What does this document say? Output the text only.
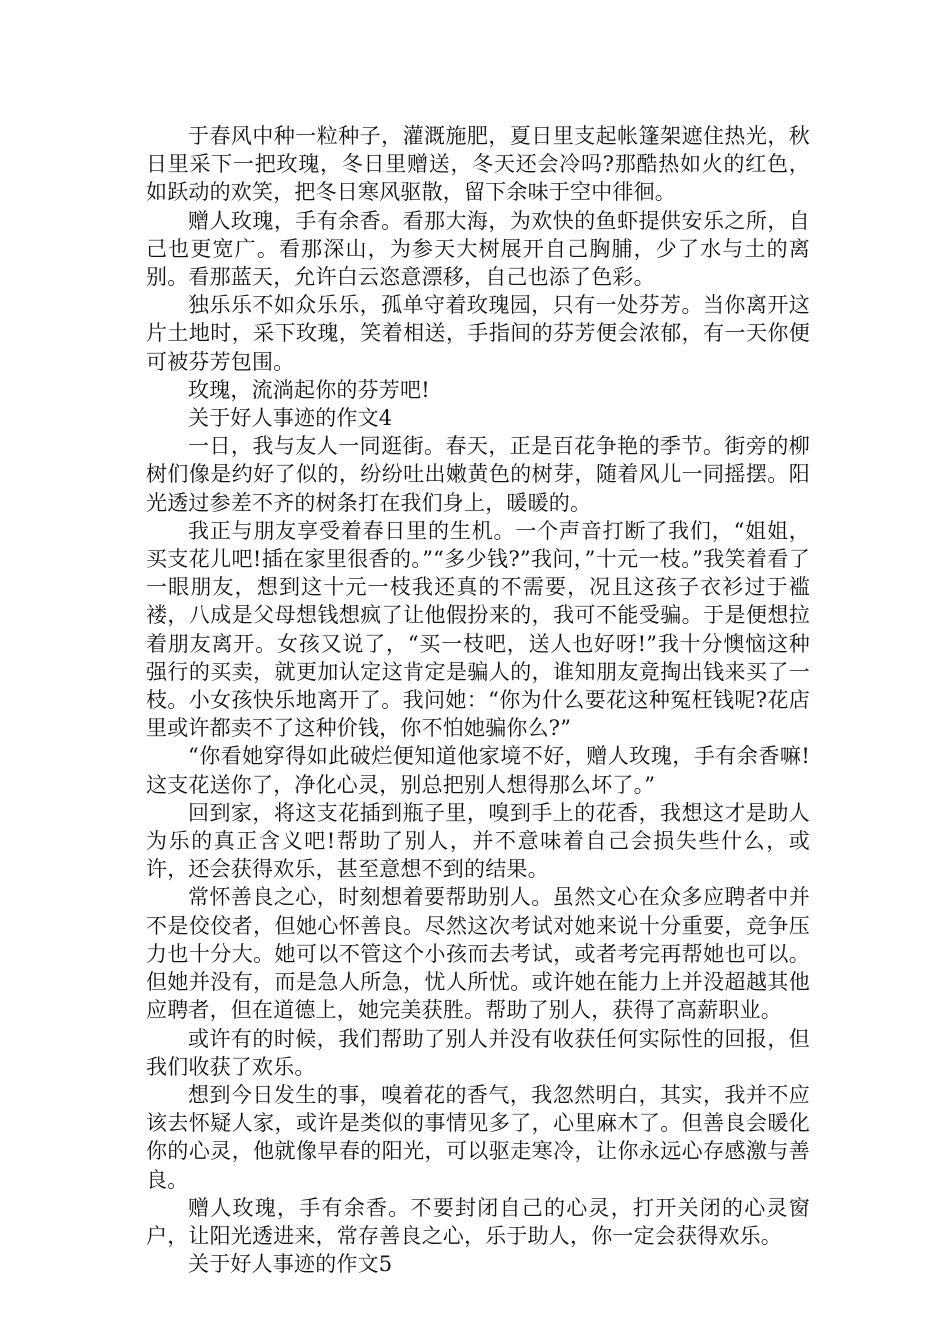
于春风中种一粒种子，灌溉施肥，夏日里支起帐篷架遮住热光，秋日里采下一把玫瑰，冬日里赠送，冬天还会冷吗?那酷热如火的红色，如跃动的欢笑，把冬日寒风驱散，留下余味于空中徘徊。

赠人玫瑰，手有余香。看那大海，为欢快的鱼虾提供安乐之所，自己也更宽广。看那深山，为参天大树展开自己胸脯，少了水与土的离别。看那蓝天，允许白云恣意漂移，自己也添了色彩。

独乐乐不如众乐乐，孤单守着玫瑰园，只有一处芬芳。当你离开这片土地时，采下玫瑰，笑着相送，手指间的芬芳便会浓郁，有一天你便可被芬芳包围。

玫瑰，流淌起你的芬芳吧!

关于好人事迹的作文4

一日，我与友人一同逛街。春天，正是百花争艳的季节。街旁的柳树们像是约好了似的，纷纷吐出嫩黄色的树芽，随着风儿一同摇摆。阳光透过参差不齐的树条打在我们身上，暖暖的。

我正与朋友享受着春日里的生机。一个声音打断了我们，“姐姐，买支花儿吧!插在家里很香的。”“多少钱?”我问，”十元一枝。”我笑着看了一眼朋友，想到这十元一枝我还真的不需要，况且这孩子衣衫过于褴褛，八成是父母想钱想疯了让他假扮来的，我可不能受骗。于是便想拉着朋友离开。女孩又说了，“买一枝吧，送人也好呀!”我十分懊恼这种强行的买卖，就更加认定这肯定是骗人的，谁知朋友竟掏出钱来买了一枝。小女孩快乐地离开了。我问她：“你为什么要花这种冤枉钱呢?花店里或许都卖不了这种价钱，你不怕她骗你么?”

“你看她穿得如此破烂便知道他家境不好，赠人玫瑰，手有余香嘛!这支花送你了，净化心灵，别总把别人想得那么坏了。”

回到家，将这支花插到瓶子里，嗅到手上的花香，我想这才是助人为乐的真正含义吧!帮助了别人，并不意味着自己会损失些什么，或许，还会获得欢乐，甚至意想不到的结果。

常怀善良之心，时刻想着要帮助别人。虽然文心在众多应聘者中并不是佼佼者，但她心怀善良。尽然这次考试对她来说十分重要，竞争压力也十分大。她可以不管这个小孩而去考试，或者考完再帮她也可以。但她并没有，而是急人所急，忧人所忧。或许她在能力上并没超越其他应聘者，但在道德上，她完美获胜。帮助了别人，获得了高薪职业。

或许有的时候，我们帮助了别人并没有收获任何实际性的回报，但我们收获了欢乐。

想到今日发生的事，嗅着花的香气，我忽然明白，其实，我并不应该去怀疑人家，或许是类似的事情见多了，心里麻木了。但善良会暖化你的心灵，他就像早春的阳光，可以驱走寒冷，让你永远心存感激与善良。

赠人玫瑰，手有余香。不要封闭自己的心灵，打开关闭的心灵窗户，让阳光透进来，常存善良之心，乐于助人，你一定会获得欢乐。

关于好人事迹的作文5
